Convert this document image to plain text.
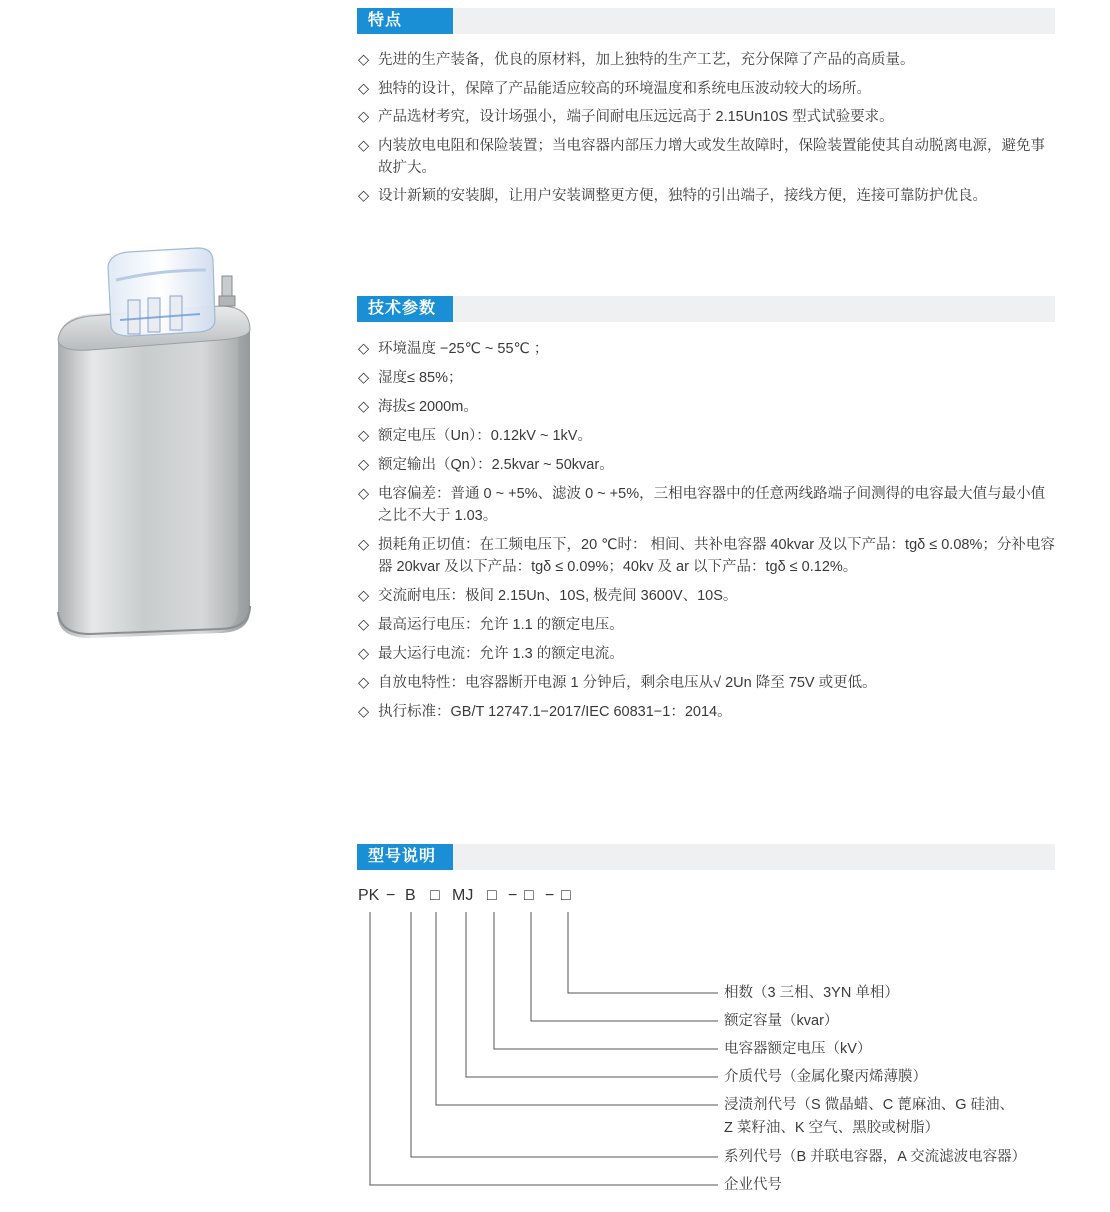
特点
◇ 先进的生产装备，优良的原材料，加上独特的生产工艺，充分保障了产品的高质量。
◇ 独特的设计，保障了产品能适应较高的环境温度和系统电压波动较大的场所。
◇ 产品选材考究，设计场强小，端子间耐电压远远高于 2.15Un10S 型式试验要求。
◇ 内装放电电阻和保险装置；当电容器内部压力增大或发生故障时，保险装置能使其自动脱离电源，避免事故扩大。
◇ 设计新颖的安装脚，让用户安装调整更方便，独特的引出端子，接线方便，连接可靠防护优良。
技术参数
◇ 环境温度 −25℃ ~ 55℃ ；
◇ 湿度≤ 85%；
◇ 海拔≤ 2000m。
◇ 额定电压（Un）：0.12kV ~ 1kV。
◇ 额定输出（Qn）：2.5kvar ~ 50kvar。
◇ 电容偏差：普通 0 ~ +5%、滤波 0 ~ +5%，三相电容器中的任意两线路端子间测得的电容最大值与最小值之比不大于 1.03。
◇ 损耗角正切值：在工频电压下，20 ℃时： 相间、共补电容器 40kvar 及以下产品：tgδ ≤ 0.08%；分补电容器 20kvar 及以下产品：tgδ ≤ 0.09%；40kv 及 ar 以下产品：tgδ ≤ 0.12%。
◇ 交流耐电压：极间 2.15Un、10S, 极壳间 3600V、10S。
◇ 最高运行电压：允许 1.1 的额定电压。
◇ 最大运行电流：允许 1.3 的额定电流。
◇ 自放电特性：电容器断开电源 1 分钟后，剩余电压从√ 2Un 降至 75V 或更低。
◇ 执行标准：GB/T 12747.1−2017/IEC 60831−1：2014。
型号说明
PK − B □ MJ □ − □ − □
相数（3 三相、3YN 单相）
额定容量（kvar）
电容器额定电压（kV）
介质代号（金属化聚丙烯薄膜）
浸渍剂代号（S 微晶蜡、C 蓖麻油、G 硅油、
Z 菜籽油、K 空气、黑胶或树脂）
系列代号（B 并联电容器，A 交流滤波电容器）
企业代号
